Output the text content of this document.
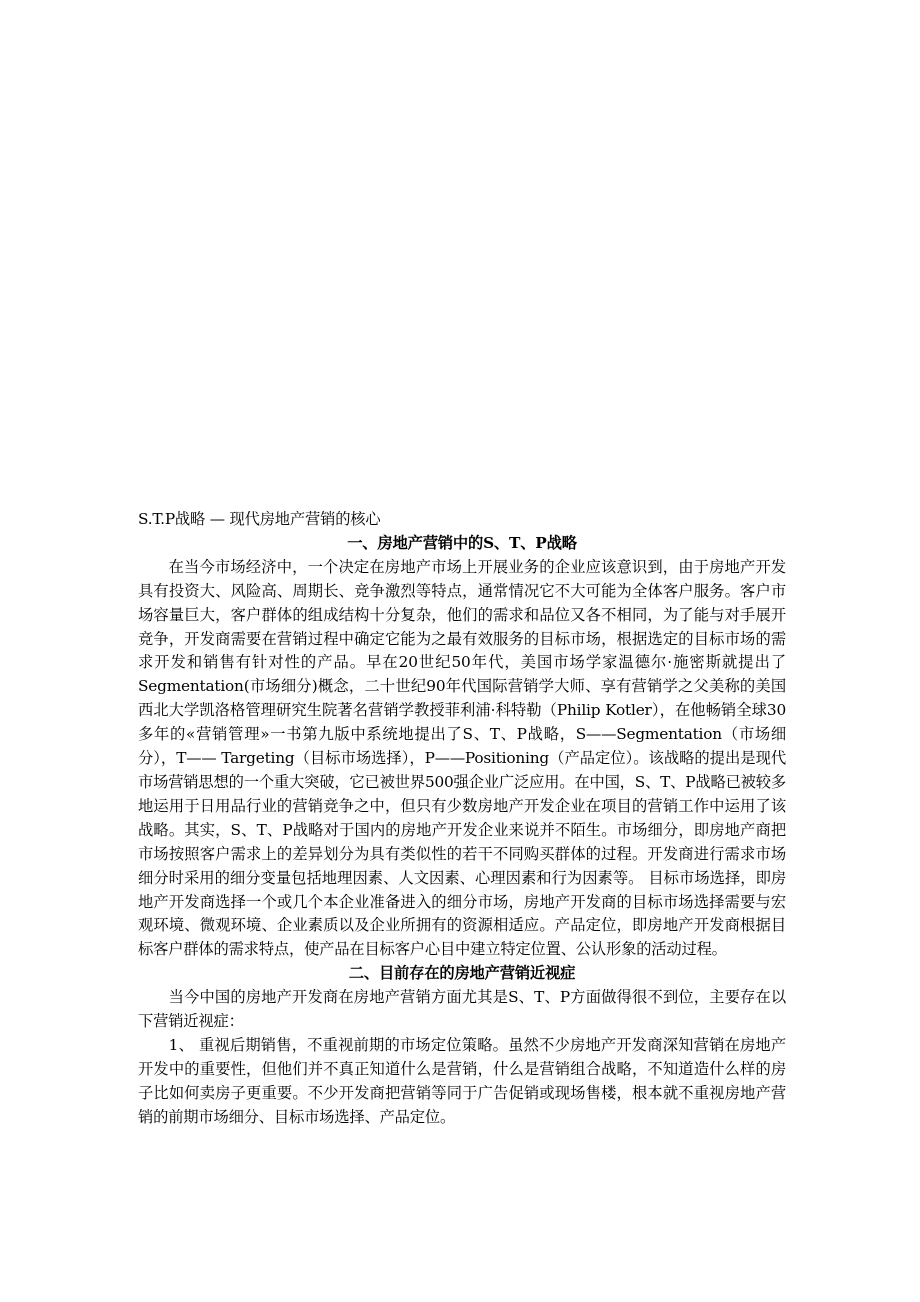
S.T.P战略 — 现代房地产营销的核心

一、房地产营销中的S、T、P战略

在当今市场经济中，一个决定在房地产市场上开展业务的企业应该意识到，由于房地产开发具有投资大、风险高、周期长、竞争激烈等特点，通常情况它不大可能为全体客户服务。客户市场容量巨大，客户群体的组成结构十分复杂，他们的需求和品位又各不相同，为了能与对手展开竞争，开发商需要在营销过程中确定它能为之最有效服务的目标市场，根据选定的目标市场的需求开发和销售有针对性的产品。早在20世纪50年代，美国市场学家温德尔·施密斯就提出了Segmentation(市场细分)概念，二十世纪90年代国际营销学大师、享有营销学之父美称的美国西北大学凯洛格管理研究生院著名营销学教授菲利浦·科特勒（Philip Kotler），在他畅销全球30多年的«营销管理»一书第九版中系统地提出了S、T、P战略，S——Segmentation（市场细分），T—— Targeting（目标市场选择），P——Positioning（产品定位）。该战略的提出是现代市场营销思想的一个重大突破，它已被世界500强企业广泛应用。在中国，S、T、P战略已被较多地运用于日用品行业的营销竞争之中，但只有少数房地产开发企业在项目的营销工作中运用了该战略。其实，S、T、P战略对于国内的房地产开发企业来说并不陌生。市场细分，即房地产商把市场按照客户需求上的差异划分为具有类似性的若干不同购买群体的过程。开发商进行需求市场细分时采用的细分变量包括地理因素、人文因素、心理因素和行为因素等。 目标市场选择，即房地产开发商选择一个或几个本企业准备进入的细分市场，房地产开发商的目标市场选择需要与宏观环境、微观环境、企业素质以及企业所拥有的资源相适应。产品定位，即房地产开发商根据目标客户群体的需求特点，使产品在目标客户心目中建立特定位置、公认形象的活动过程。

二、目前存在的房地产营销近视症

当今中国的房地产开发商在房地产营销方面尤其是S、T、P方面做得很不到位，主要存在以下营销近视症：

1、 重视后期销售，不重视前期的市场定位策略。虽然不少房地产开发商深知营销在房地产开发中的重要性，但他们并不真正知道什么是营销，什么是营销组合战略，不知道造什么样的房子比如何卖房子更重要。不少开发商把营销等同于广告促销或现场售楼，根本就不重视房地产营销的前期市场细分、目标市场选择、产品定位。
